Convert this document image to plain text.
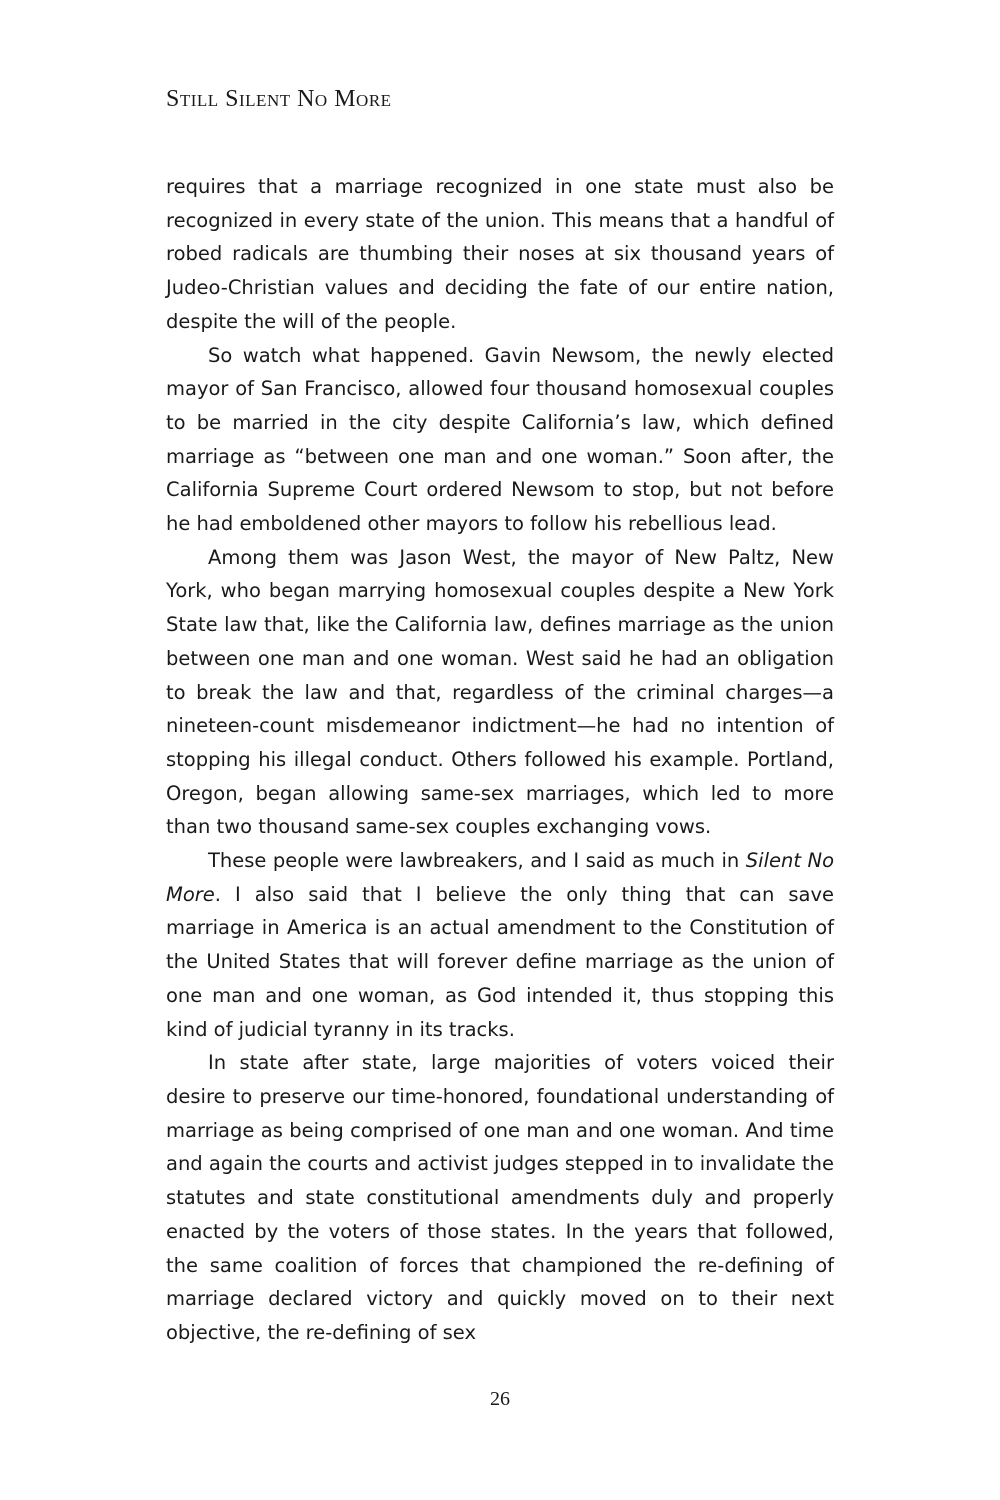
Still Silent No More

requires that a marriage recognized in one state must also be recognized in every state of the union. This means that a handful of robed radicals are thumbing their noses at six thousand years of Judeo-Christian values and deciding the fate of our entire nation, despite the will of the people.

So watch what happened. Gavin Newsom, the newly elected mayor of San Francisco, allowed four thousand homosexual couples to be married in the city despite California’s law, which defined marriage as “between one man and one woman.” Soon after, the California Supreme Court ordered Newsom to stop, but not before he had emboldened other mayors to follow his rebellious lead.

Among them was Jason West, the mayor of New Paltz, New York, who began marrying homosexual couples despite a New York State law that, like the California law, defines marriage as the union between one man and one woman. West said he had an obligation to break the law and that, regardless of the criminal charges—a nineteen-count misdemeanor indictment—he had no intention of stopping his illegal conduct. Others followed his example. Portland, Oregon, began allowing same-sex marriages, which led to more than two thousand same-sex couples exchanging vows.

These people were lawbreakers, and I said as much in Silent No More. I also said that I believe the only thing that can save marriage in America is an actual amendment to the Constitution of the United States that will forever define marriage as the union of one man and one woman, as God intended it, thus stopping this kind of judicial tyranny in its tracks.

In state after state, large majorities of voters voiced their desire to preserve our time-honored, foundational understanding of marriage as being comprised of one man and one woman. And time and again the courts and activist judges stepped in to invalidate the statutes and state constitutional amendments duly and properly enacted by the voters of those states. In the years that followed, the same coalition of forces that championed the re-defining of marriage declared victory and quickly moved on to their next objective, the re-defining of sex

26
